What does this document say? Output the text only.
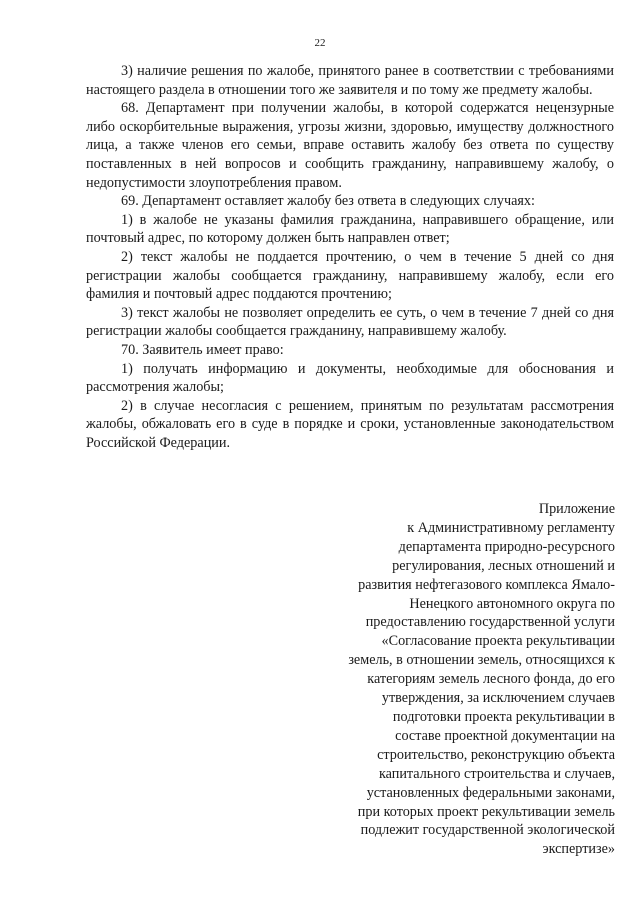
22

3) наличие решения по жалобе, принятого ранее в соответствии с требованиями настоящего раздела в отношении того же заявителя и по тому же предмету жалобы.

68. Департамент при получении жалобы, в которой содержатся нецензурные либо оскорбительные выражения, угрозы жизни, здоровью, имуществу должностного лица, а также членов его семьи, вправе оставить жалобу без ответа по существу поставленных в ней вопросов и сообщить гражданину, направившему жалобу, о недопустимости злоупотребления правом.

69. Департамент оставляет жалобу без ответа в следующих случаях:

1) в жалобе не указаны фамилия гражданина, направившего обращение, или почтовый адрес, по которому должен быть направлен ответ;

2) текст жалобы не поддается прочтению, о чем в течение 5 дней со дня регистрации жалобы сообщается гражданину, направившему жалобу, если его фамилия и почтовый адрес поддаются прочтению;

3) текст жалобы не позволяет определить ее суть, о чем в течение 7 дней со дня регистрации жалобы сообщается гражданину, направившему жалобу.

70. Заявитель имеет право:

1) получать информацию и документы, необходимые для обоснования и рассмотрения жалобы;

2) в случае несогласия с решением, принятым по результатам рассмотрения жалобы, обжаловать его в суде в порядке и сроки, установленные законодательством Российской Федерации.

Приложение
к Административному регламенту
департамента природно-ресурсного
регулирования, лесных отношений и
развития нефтегазового комплекса Ямало-
Ненецкого автономного округа по
предоставлению государственной услуги
«Согласование проекта рекультивации
земель, в отношении земель, относящихся к
категориям земель лесного фонда, до его
утверждения, за исключением случаев
подготовки проекта рекультивации в
составе проектной документации на
строительство, реконструкцию объекта
капитального строительства и случаев,
установленных федеральными законами,
при которых проект рекультивации земель
подлежит государственной экологической
экспертизе»
